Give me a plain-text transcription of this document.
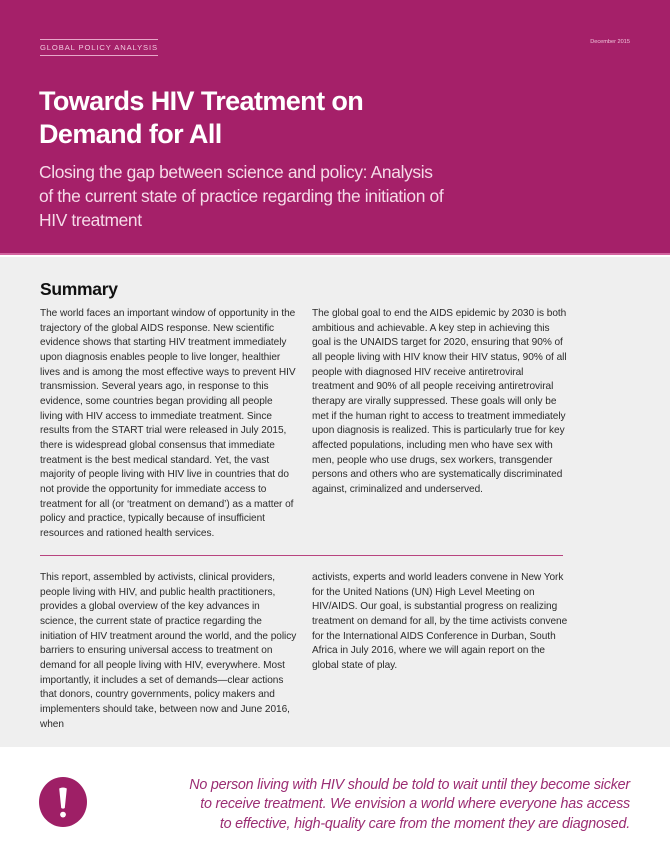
GLOBAL POLICY ANALYSIS
December 2015
Towards HIV Treatment on
Demand for All
Closing the gap between science and policy: Analysis
of the current state of practice regarding the initiation of
HIV treatment
Summary

The world faces an important window of opportunity in the trajectory of the global AIDS response. New scientific evidence shows that starting HIV treatment immediately upon diagnosis enables people to live longer, healthier lives and is among the most effective ways to prevent HIV transmission. Several years ago, in response to this evidence, some countries began providing all people living with HIV access to immediate treatment. Since results from the START trial were released in July 2015, there is widespread global consensus that immediate treatment is the best medical standard. Yet, the vast majority of people living with HIV live in countries that do not provide the opportunity for immediate access to treatment for all (or ‘treatment on demand’) as a matter of policy and practice, typically because of insufficient resources and rationed health services.

The global goal to end the AIDS epidemic by 2030 is both ambitious and achievable. A key step in achieving this goal is the UNAIDS target for 2020, ensuring that 90% of all people living with HIV know their HIV status, 90% of all people with diagnosed HIV receive antiretroviral treatment and 90% of all people receiving antiretroviral therapy are virally suppressed. These goals will only be met if the human right to access to treatment immediately upon diagnosis is realized. This is particularly true for key affected populations, including men who have sex with men, people who use drugs, sex workers, transgender persons and others who are systematically discriminated against, criminalized and underserved.

This report, assembled by activists, clinical providers, people living with HIV, and public health practitioners, provides a global overview of the key advances in science, the current state of practice regarding the initiation of HIV treatment around the world, and the policy barriers to ensuring universal access to treatment on demand for all people living with HIV, everywhere. Most importantly, it includes a set of demands—clear actions that donors, country governments, policy makers and implementers should take, between now and June 2016, when

activists, experts and world leaders convene in New York for the United Nations (UN) High Level Meeting on HIV/AIDS. Our goal, is substantial progress on realizing treatment on demand for all, by the time activists convene for the International AIDS Conference in Durban, South Africa in July 2016, where we will again report on the global state of play.

No person living with HIV should be told to wait until they become sicker
to receive treatment. We envision a world where everyone has access
to effective, high-quality care from the moment they are diagnosed.
